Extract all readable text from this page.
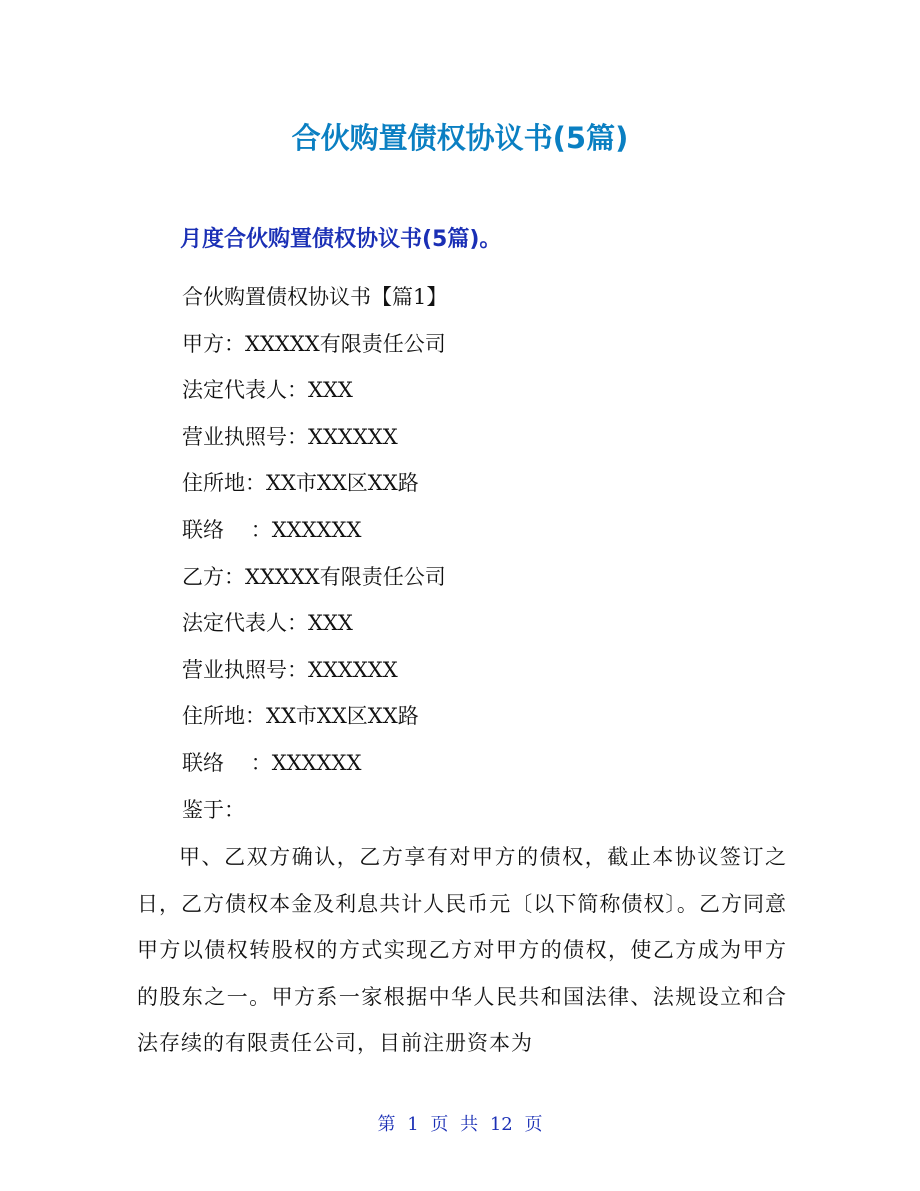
合伙购置债权协议书(5篇)
月度合伙购置债权协议书(5篇)。
合伙购置债权协议书【篇1】
甲方：XXXXX有限责任公司
法定代表人：XXX
营业执照号：XXXXXX
住所地：XX市XX区XX路
联络    ：XXXXXX
乙方：XXXXX有限责任公司
法定代表人：XXX
营业执照号：XXXXXX
住所地：XX市XX区XX路
联络    ：XXXXXX
鉴于：

甲、乙双方确认，乙方享有对甲方的债权，截止本协议签订之日，乙方债权本金及利息共计人民币元〔以下简称债权〕。乙方同意甲方以债权转股权的方式实现乙方对甲方的债权，使乙方成为甲方的股东之一。甲方系一家根据中华人民共和国法律、法规设立和合法存续的有限责任公司，目前注册资本为

第 1 页 共 12 页
